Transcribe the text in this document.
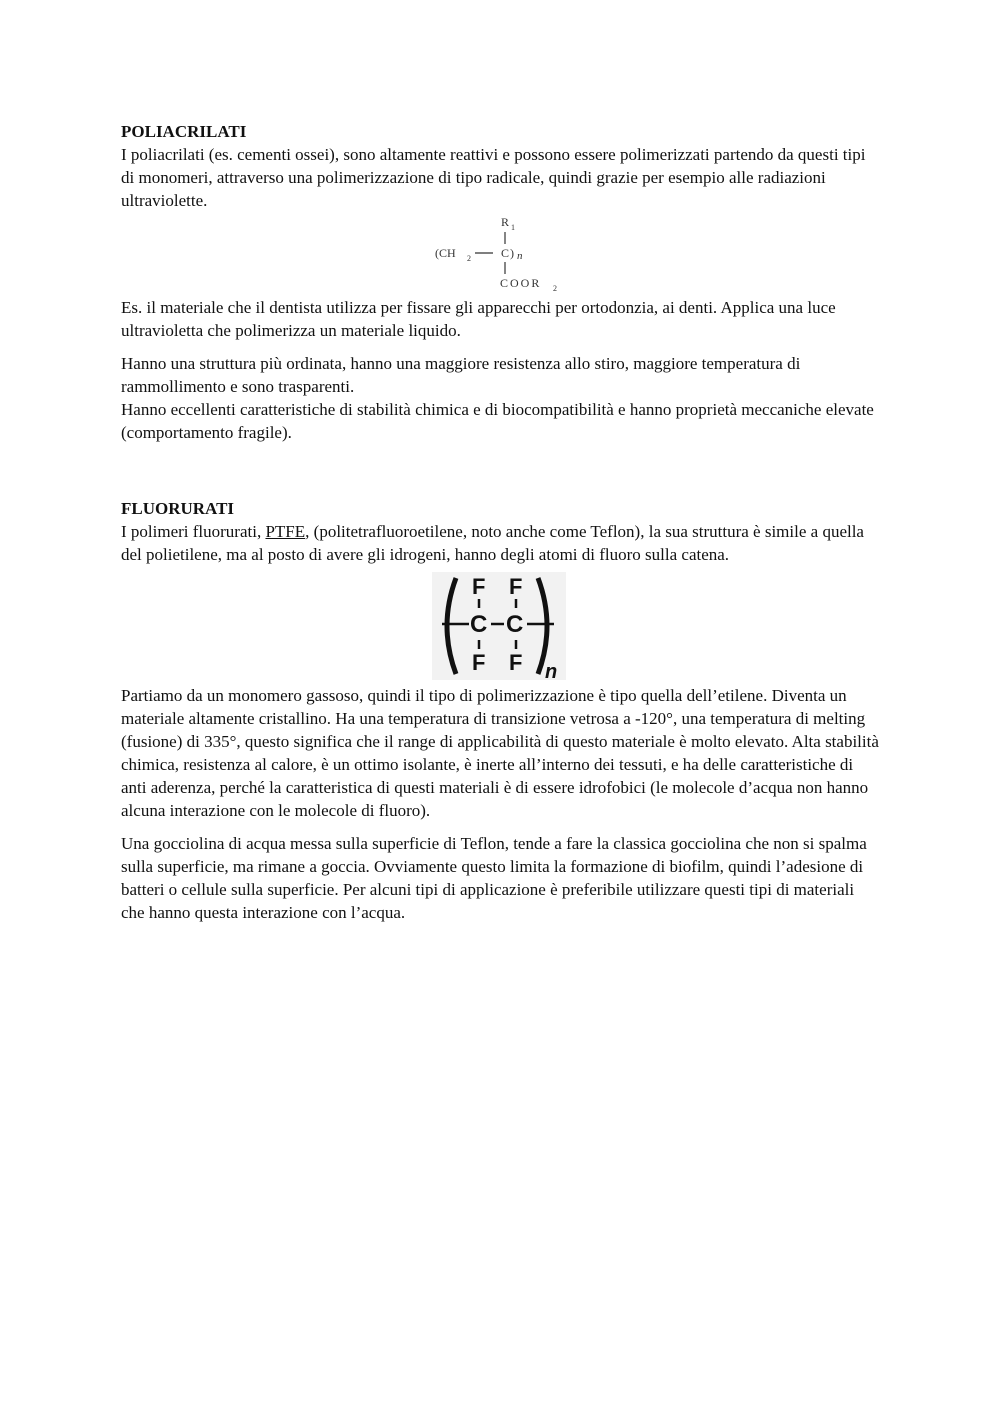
POLIACRILATI

I poliacrilati (es. cementi ossei), sono altamente reattivi e possono essere polimerizzati partendo da questi tipi di monomeri, attraverso una polimerizzazione di tipo radicale, quindi grazie per esempio alle radiazioni ultraviolette.

R 1
(CH 2	C ) n
COOR 2

Es. il materiale che il dentista utilizza per fissare gli apparecchi per ortodonzia, ai denti. Applica una luce ultravioletta che polimerizza un materiale liquido.

Hanno una struttura più ordinata, hanno una maggiore resistenza allo stiro, maggiore temperatura di rammollimento e sono trasparenti.

Hanno eccellenti caratteristiche di stabilità chimica e di biocompatibilità e hanno proprietà meccaniche elevate (comportamento fragile).

FLUORURATI

I polimeri fluorurati, PTFE, (politetrafluoroetilene, noto anche come Teflon), la sua struttura è simile a quella del polietilene, ma al posto di avere gli idrogeni, hanno degli atomi di fluoro sulla catena.

F F
C C
F F n

Partiamo da un monomero gassoso, quindi il tipo di polimerizzazione è tipo quella dell’etilene. Diventa un materiale altamente cristallino. Ha una temperatura di transizione vetrosa a -120°, una temperatura di melting (fusione) di 335°, questo significa che il range di applicabilità di questo materiale è molto elevato. Alta stabilità chimica, resistenza al calore, è un ottimo isolante, è inerte all’interno dei tessuti, e ha delle caratteristiche di anti aderenza, perché la caratteristica di questi materiali è di essere idrofobici (le molecole d’acqua non hanno alcuna interazione con le molecole di fluoro).

Una gocciolina di acqua messa sulla superficie di Teflon, tende a fare la classica gocciolina che non si spalma sulla superficie, ma rimane a goccia. Ovviamente questo limita la formazione di biofilm, quindi l’adesione di batteri o cellule sulla superficie. Per alcuni tipi di applicazione è preferibile utilizzare questi tipi di materiali che hanno questa interazione con l’acqua.
